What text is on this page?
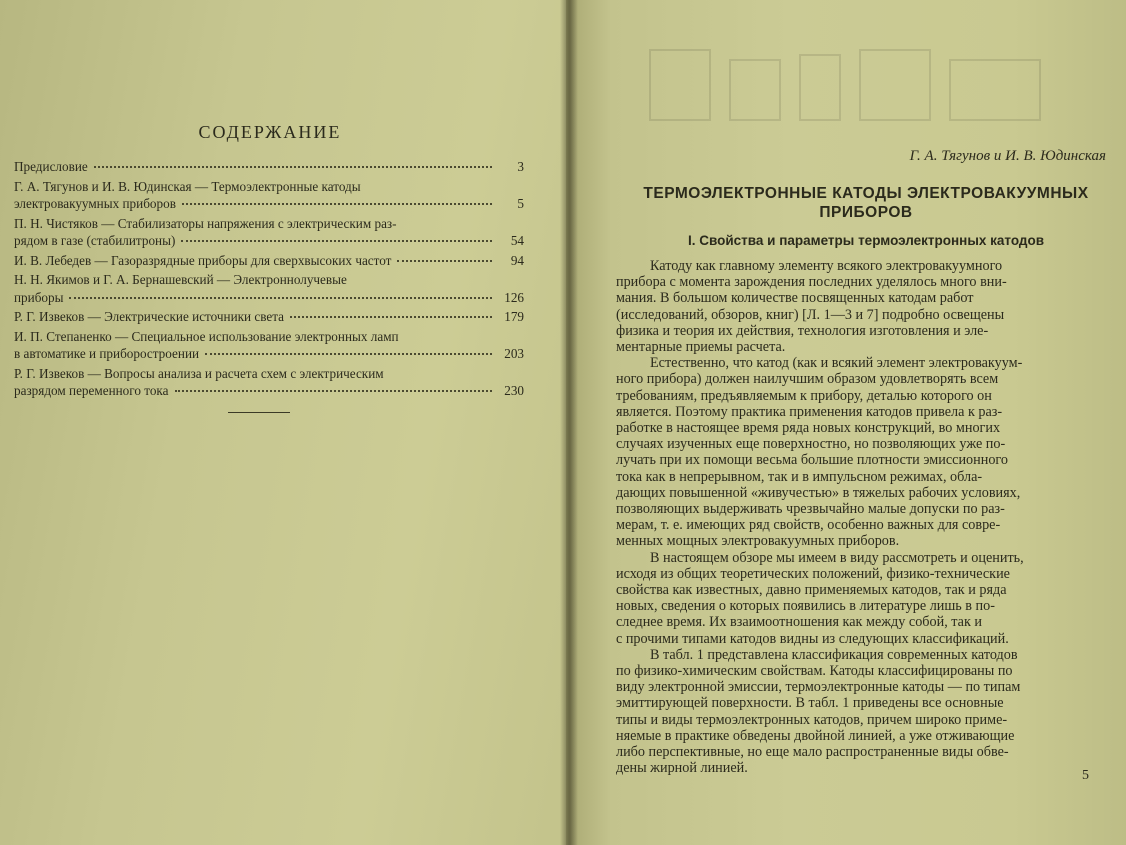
СОДЕРЖАНИЕ
Предисловие	3
Г. А. Тягунов и И. В. Юдинская — Термоэлектронные катоды
электровакуумных приборов	5
П. Н. Чистяков — Стабилизаторы напряжения с электрическим раз-
рядом в газе (стабилитроны)	54
И. В. Лебедев — Газоразрядные приборы для сверхвысоких частот	94
Н. Н. Якимов и Г. А. Бернашевский — Электроннолучевые
приборы	126
Р. Г. Извеков — Электрические источники света	179
И. П. Степаненко — Специальное использование электронных ламп
в автоматике и приборостроении	203
Р. Г. Извеков — Вопросы анализа и расчета схем с электрическим
разрядом переменного тока	230
Г. А. Тягунов и И. В. Юдинская
ТЕРМОЭЛЕКТРОННЫЕ КАТОДЫ ЭЛЕКТРОВАКУУМНЫХ
ПРИБОРОВ
I. Свойства и параметры термоэлектронных катодов
Катоду как главному элементу всякого электровакуумного
прибора с момента зарождения последних уделялось много вни-
мания. В большом количестве посвященных катодам работ
(исследований, обзоров, книг) [Л. 1—3 и 7] подробно освещены
физика и теория их действия, технология изготовления и эле-
ментарные приемы расчета.
Естественно, что катод (как и всякий элемент электровакуум-
ного прибора) должен наилучшим образом удовлетворять всем
требованиям, предъявляемым к прибору, деталью которого он
является. Поэтому практика применения катодов привела к раз-
работке в настоящее время ряда новых конструкций, во многих
случаях изученных еще поверхностно, но позволяющих уже по-
лучать при их помощи весьма большие плотности эмиссионного
тока как в непрерывном, так и в импульсном режимах, обла-
дающих повышенной «живучестью» в тяжелых рабочих условиях,
позволяющих выдерживать чрезвычайно малые допуски по раз-
мерам, т. е. имеющих ряд свойств, особенно важных для совре-
менных мощных электровакуумных приборов.
В настоящем обзоре мы имеем в виду рассмотреть и оценить,
исходя из общих теоретических положений, физико-технические
свойства как известных, давно применяемых катодов, так и ряда
новых, сведения о которых появились в литературе лишь в по-
следнее время. Их взаимоотношения как между собой, так и
с прочими типами катодов видны из следующих классификаций.
В табл. 1 представлена классификация современных катодов
по физико-химическим свойствам. Катоды классифицированы по
виду электронной эмиссии, термоэлектронные катоды — по типам
эмиттирующей поверхности. В табл. 1 приведены все основные
типы и виды термоэлектронных катодов, причем широко приме-
няемые в практике обведены двойной линией, а уже отживающие
либо перспективные, но еще мало распространенные виды обве-
дены жирной линией.	5
